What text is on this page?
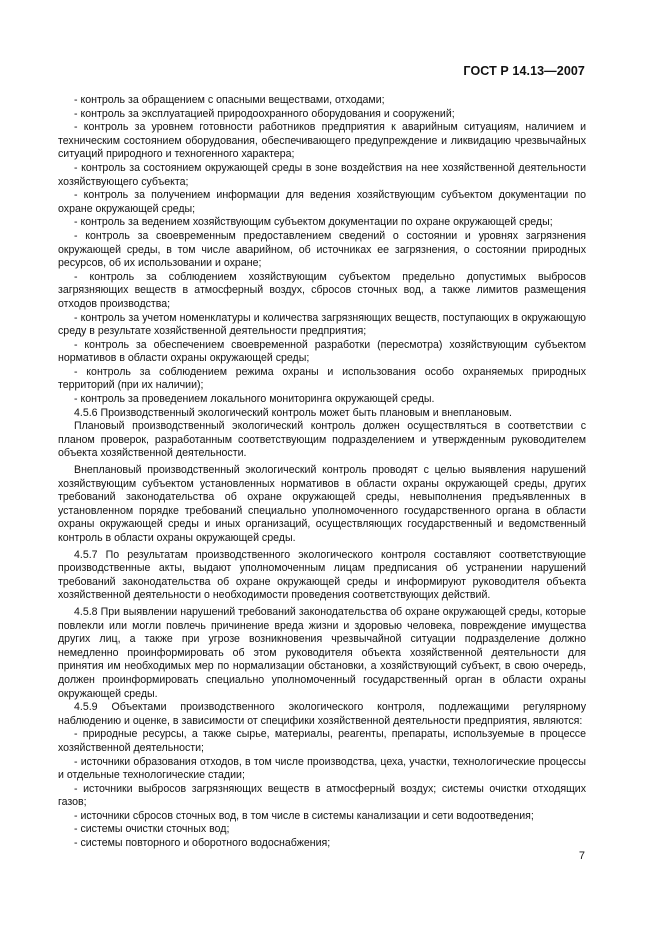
ГОСТ Р 14.13—2007

- контроль за обращением с опасными веществами, отходами;

- контроль за эксплуатацией природоохранного оборудования и сооружений;

- контроль за уровнем готовности работников предприятия к аварийным ситуациям, наличием и техническим состоянием оборудования, обеспечивающего предупреждение и ликвидацию чрезвычайных ситуаций природного и техногенного характера;

- контроль за состоянием окружающей среды в зоне воздействия на нее хозяйственной деятельности хозяйствующего субъекта;

- контроль за получением информации для ведения хозяйствующим субъектом документации по охране окружающей среды;

- контроль за ведением хозяйствующим субъектом документации по охране окружающей среды;

- контроль за своевременным предоставлением сведений о состоянии и уровнях загрязнения окружающей среды, в том числе аварийном, об источниках ее загрязнения, о состоянии природных ресурсов, об их использовании и охране;

- контроль за соблюдением хозяйствующим субъектом предельно допустимых выбросов загрязняющих веществ в атмосферный воздух, сбросов сточных вод, а также лимитов размещения отходов производства;

- контроль за учетом номенклатуры и количества загрязняющих веществ, поступающих в окружающую среду в результате хозяйственной деятельности предприятия;

- контроль за обеспечением своевременной разработки (пересмотра) хозяйствующим субъектом нормативов в области охраны окружающей среды;

- контроль за соблюдением режима охраны и использования особо охраняемых природных территорий (при их наличии);

- контроль за проведением локального мониторинга окружающей среды.

4.5.6 Производственный экологический контроль может быть плановым и внеплановым.

Плановый производственный экологический контроль должен осуществляться в соответствии с планом проверок, разработанным соответствующим подразделением и утвержденным руководителем объекта хозяйственной деятельности.

Внеплановый производственный экологический контроль проводят с целью выявления нарушений хозяйствующим субъектом установленных нормативов в области охраны окружающей среды, других требований законодательства об охране окружающей среды, невыполнения предъявленных в установленном порядке требований специально уполномоченного государственного органа в области охраны окружающей среды и иных организаций, осуществляющих государственный и ведомственный контроль в области охраны окружающей среды.

4.5.7 По результатам производственного экологического контроля составляют соответствующие производственные акты, выдают уполномоченным лицам предписания об устранении нарушений требований законодательства об охране окружающей среды и информируют руководителя объекта хозяйственной деятельности о необходимости проведения соответствующих действий.

4.5.8 При выявлении нарушений требований законодательства об охране окружающей среды, которые повлекли или могли повлечь причинение вреда жизни и здоровью человека, повреждение имущества других лиц, а также при угрозе возникновения чрезвычайной ситуации подразделение должно немедленно проинформировать об этом руководителя объекта хозяйственной деятельности для принятия им необходимых мер по нормализации обстановки, а хозяйствующий субъект, в свою очередь, должен проинформировать специально уполномоченный государственный орган в области охраны окружающей среды.

4.5.9 Объектами производственного экологического контроля, подлежащими регулярному наблюдению и оценке, в зависимости от специфики хозяйственной деятельности предприятия, являются:

- природные ресурсы, а также сырье, материалы, реагенты, препараты, используемые в процессе хозяйственной деятельности;

- источники образования отходов, в том числе производства, цеха, участки, технологические процессы и отдельные технологические стадии;

- источники выбросов загрязняющих веществ в атмосферный воздух; системы очистки отходящих газов;

- источники сбросов сточных вод, в том числе в системы канализации и сети водоотведения;

- системы очистки сточных вод;

- системы повторного и оборотного водоснабжения;

7
